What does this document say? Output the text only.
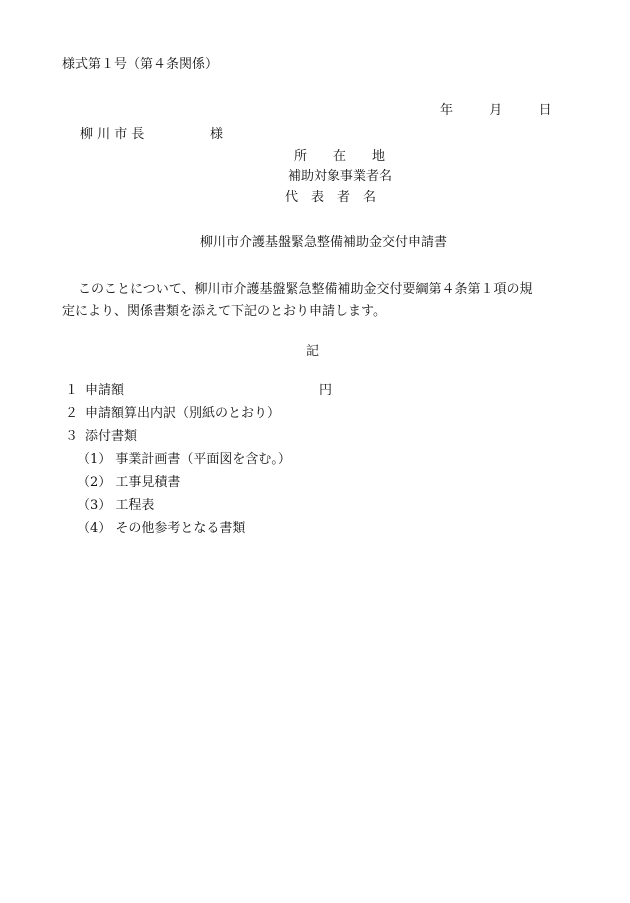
様式第１号（第４条関係）
年	月	日
柳 川 市 長	様
所　　在　　地
補助対象事業者名
代　表　者　名
柳川市介護基盤緊急整備補助金交付申請書
このことについて、柳川市介護基盤緊急整備補助金交付要綱第４条第１項の規
定により、関係書類を添えて下記のとおり申請します。
記
１ 申請額	円
２ 申請額算出内訳（別紙のとおり）
３ 添付書類
（1） 事業計画書（平面図を含む。）
（2） 工事見積書
（3） 工程表
（4） その他参考となる書類
